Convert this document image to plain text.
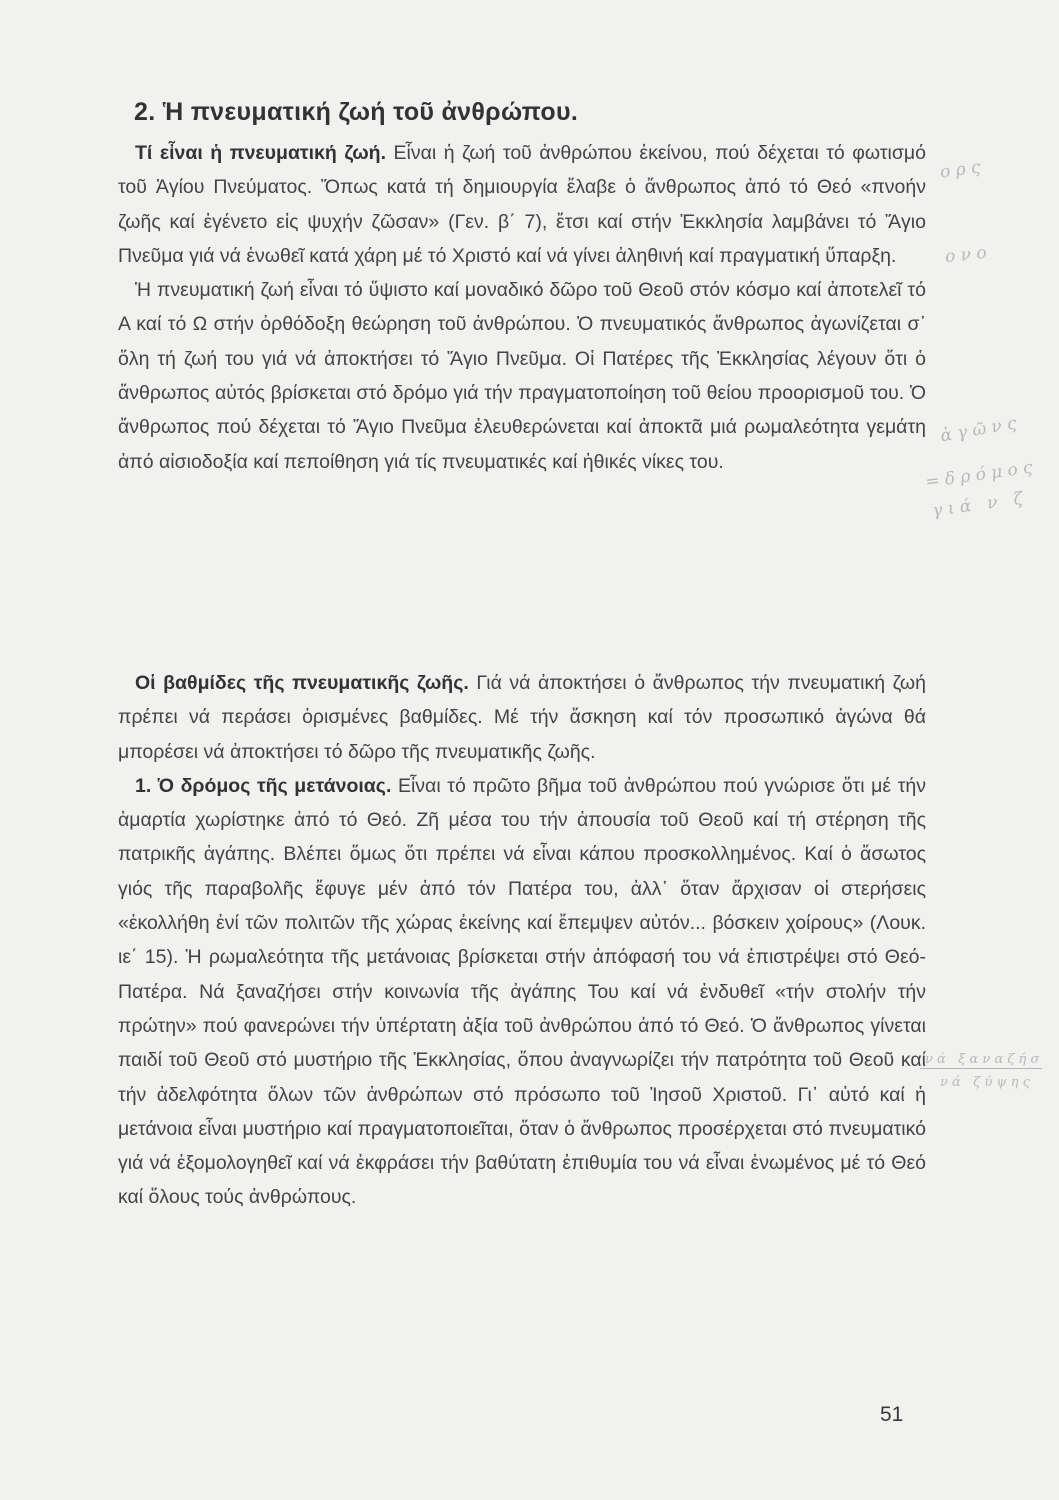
2. Ἡ πνευματική ζωή τοῦ ἀνθρώπου.
Τί εἶναι ἡ πνευματική ζωή. Εἶναι ἡ ζωή τοῦ ἀνθρώπου ἐκείνου, πού δέχεται τό φωτισμό τοῦ Ἁγίου Πνεύματος. Ὅπως κατά τή δημιουργία ἔλαβε ὁ ἄνθρωπος ἀπό τό Θεό «πνοήν ζωῆς καί ἐγένετο εἰς ψυχήν ζῶσαν» (Γεν. β΄ 7), ἔτσι καί στήν Ἐκκλησία λαμβάνει τό Ἅγιο Πνεῦμα γιά νά ἑνωθεῖ κατά χάρη μέ τό Χριστό καί νά γίνει ἀληθινή καί πραγματική ὕπαρξη.
Ἡ πνευματική ζωή εἶναι τό ὕψιστο καί μοναδικό δῶρο τοῦ Θεοῦ στόν κόσμο καί ἀποτελεῖ τό Α καί τό Ω στήν ὀρθόδοξη θεώρηση τοῦ ἀνθρώπου. Ὁ πνευματικός ἄνθρωπος ἀγωνίζεται σ᾽ ὅλη τή ζωή του γιά νά ἀποκτήσει τό Ἅγιο Πνεῦμα. Οἱ Πατέρες τῆς Ἐκκλησίας λέγουν ὅτι ὁ ἄνθρωπος αὐτός βρίσκεται στό δρόμο γιά τήν πραγματοποίηση τοῦ θείου προορισμοῦ του. Ὁ ἄνθρωπος πού δέχεται τό Ἅγιο Πνεῦμα ἐλευθερώνεται καί ἀποκτᾶ μιά ρωμαλεότητα γεμάτη ἀπό αἰσιοδοξία καί πεποίθηση γιά τίς πνευματικές καί ἠθικές νίκες του.
Οἱ βαθμίδες τῆς πνευματικῆς ζωῆς. Γιά νά ἀποκτήσει ὁ ἄνθρωπος τήν πνευματική ζωή πρέπει νά περάσει ὁρισμένες βαθμίδες. Μέ τήν ἄσκηση καί τόν προσωπικό ἀγώνα θά μπορέσει νά ἀποκτήσει τό δῶρο τῆς πνευματικῆς ζωῆς.
1. Ὁ δρόμος τῆς μετάνοιας. Εἶναι τό πρῶτο βῆμα τοῦ ἀνθρώπου πού γνώρισε ὅτι μέ τήν ἁμαρτία χωρίστηκε ἀπό τό Θεό. Ζῆ μέσα του τήν ἀπουσία τοῦ Θεοῦ καί τή στέρηση τῆς πατρικῆς ἀγάπης. Βλέπει ὅμως ὅτι πρέπει νά εἶναι κάπου προσκολλημένος. Καί ὁ ἄσωτος γιός τῆς παραβολῆς ἔφυγε μέν ἀπό τόν Πατέρα του, ἀλλ᾽ ὅταν ἄρχισαν οἱ στερήσεις «ἐκολλήθη ἑνί τῶν πολιτῶν τῆς χώρας ἐκείνης καί ἔπεμψεν αὐτόν... βόσκειν χοίρους» (Λουκ. ιε΄ 15). Ἡ ρωμαλεότητα τῆς μετάνοιας βρίσκεται στήν ἀπόφασή του νά ἐπιστρέψει στό Θεό-Πατέρα. Νά ξαναζήσει στήν κοινωνία τῆς ἀγάπης Του καί νά ἐνδυθεῖ «τήν στολήν τήν πρώτην» πού φανερώνει τήν ὑπέρτατη ἀξία τοῦ ἀνθρώπου ἀπό τό Θεό. Ὁ ἄνθρωπος γίνεται παιδί τοῦ Θεοῦ στό μυστήριο τῆς Ἐκκλησίας, ὅπου ἀναγνωρίζει τήν πατρότητα τοῦ Θεοῦ καί τήν ἀδελφότητα ὅλων τῶν ἀνθρώπων στό πρόσωπο τοῦ Ἰησοῦ Χριστοῦ. Γι᾽ αὐτό καί ἡ μετάνοια εἶναι μυστήριο καί πραγματοποιεῖται, ὅταν ὁ ἄνθρωπος προσέρχεται στό πνευματικό γιά νά ἐξομολογηθεῖ καί νά ἐκφράσει τήν βαθύτατη ἐπιθυμία του νά εἶναι ἑνωμένος μέ τό Θεό καί ὅλους τούς ἀνθρώπους.
51
ο ρ ς
ο ν ο
ἀ γ ῶ ν ς
= δ ρ ό μ ο ς
γ ι ά   ν   ζ
ν ά   ξ α ν α ζ ή σ
ν ά   ζ ύ ψ η ς
